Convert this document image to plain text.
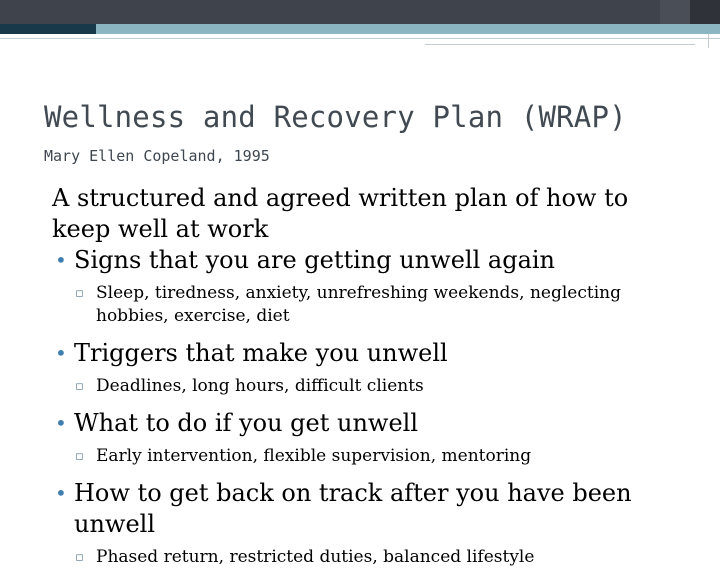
Wellness and Recovery Plan (WRAP)

Mary Ellen Copeland, 1995

A structured and agreed written plan of how to keep well at work

• Signs that you are getting unwell again

▫ Sleep, tiredness, anxiety, unrefreshing weekends, neglecting hobbies, exercise, diet

• Triggers that make you unwell

▫ Deadlines, long hours, difficult clients

• What to do if you get unwell

▫ Early intervention, flexible supervision, mentoring

• How to get back on track after you have been unwell

▫ Phased return, restricted duties, balanced lifestyle
